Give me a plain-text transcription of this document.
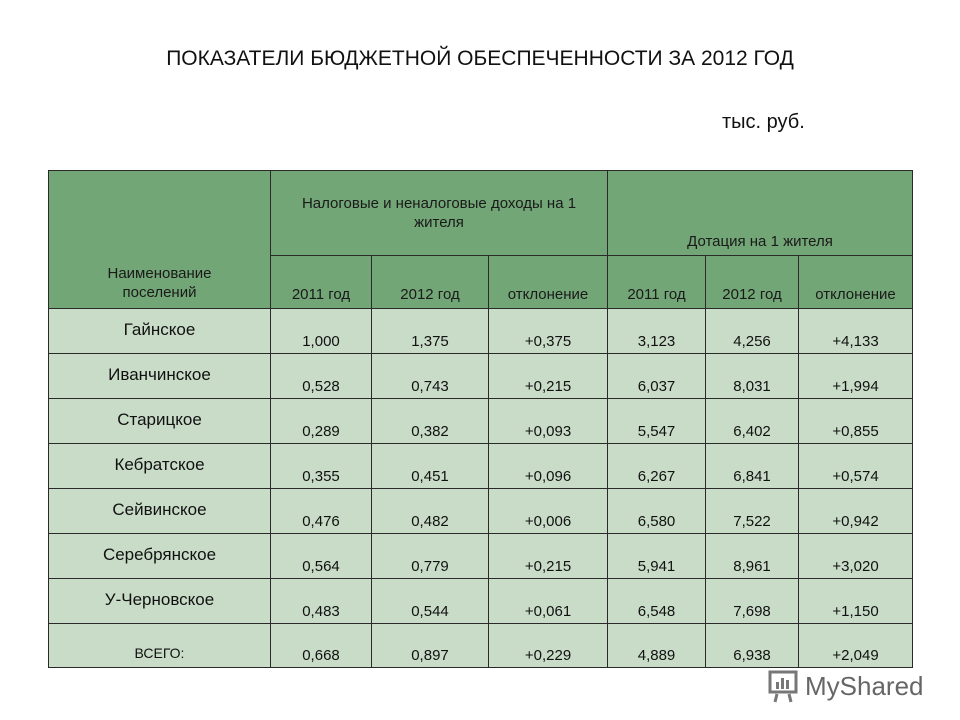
ПОКАЗАТЕЛИ БЮДЖЕТНОЙ ОБЕСПЕЧЕННОСТИ ЗА 2012 ГОД
тыс. руб.
Наименование поселений	Налоговые и неналоговые доходы на 1 жителя			Дотация на 1 жителя		
	2011 год	2012 год	отклонение	2011 год	2012 год	отклонение
Гайнское	1,000	1,375	+0,375	3,123	4,256	+4,133
Иванчинское	0,528	0,743	+0,215	6,037	8,031	+1,994
Старицкое	0,289	0,382	+0,093	5,547	6,402	+0,855
Кебратское	0,355	0,451	+0,096	6,267	6,841	+0,574
Сейвинское	0,476	0,482	+0,006	6,580	7,522	+0,942
Серебрянское	0,564	0,779	+0,215	5,941	8,961	+3,020
У-Черновское	0,483	0,544	+0,061	6,548	7,698	+1,150
ВСЕГО:	0,668	0,897	+0,229	4,889	6,938	+2,049
MyShared
